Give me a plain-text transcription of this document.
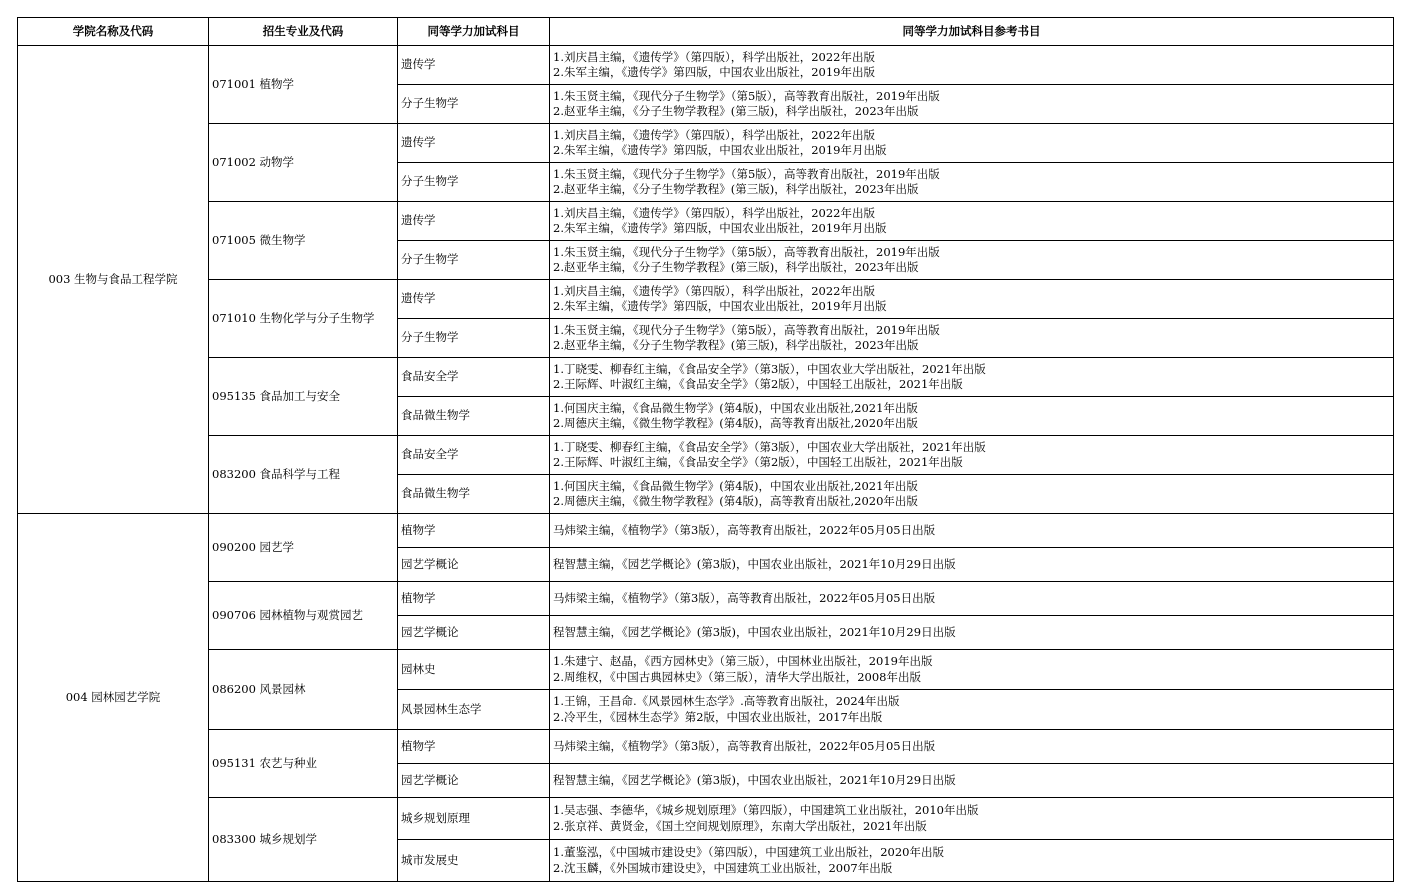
学院名称及代码	招生专业及代码	同等学力加试科目	同等学力加试科目参考书目
003 生物与食品工程学院	071001 植物学	遗传学	1.刘庆昌主编，《遗传学》（第四版），科学出版社，2022年出版
2.朱军主编，《遗传学》第四版，中国农业出版社，2019年出版

		分子生物学	1.朱玉贤主编，《现代分子生物学》（第5版），高等教育出版社，2019年出版
2.赵亚华主编，《分子生物学教程》(第三版)，科学出版社，2023年出版

	071002 动物学	遗传学	1.刘庆昌主编，《遗传学》（第四版），科学出版社，2022年出版
2.朱军主编，《遗传学》第四版，中国农业出版社，2019年月出版

		分子生物学	1.朱玉贤主编，《现代分子生物学》（第5版），高等教育出版社，2019年出版
2.赵亚华主编，《分子生物学教程》(第三版)，科学出版社，2023年出版

	071005 微生物学	遗传学	1.刘庆昌主编，《遗传学》（第四版），科学出版社，2022年出版
2.朱军主编，《遗传学》第四版，中国农业出版社，2019年月出版

		分子生物学	1.朱玉贤主编，《现代分子生物学》（第5版），高等教育出版社，2019年出版
2.赵亚华主编，《分子生物学教程》(第三版)，科学出版社，2023年出版

	071010 生物化学与分子生物学	遗传学	1.刘庆昌主编，《遗传学》（第四版），科学出版社，2022年出版
2.朱军主编，《遗传学》第四版，中国农业出版社，2019年月出版

		分子生物学	1.朱玉贤主编，《现代分子生物学》（第5版），高等教育出版社，2019年出版
2.赵亚华主编，《分子生物学教程》(第三版)，科学出版社，2023年出版

	095135 食品加工与安全	食品安全学	1.丁晓雯、柳春红主编，《食品安全学》（第3版），中国农业大学出版社，2021年出版
2.王际辉、叶淑红主编，《食品安全学》（第2版），中国轻工出版社，2021年出版

		食品微生物学	1.何国庆主编，《食品微生物学》(第4版)，中国农业出版社,2021年出版
2.周德庆主编，《微生物学教程》(第4版)，高等教育出版社,2020年出版

	083200 食品科学与工程	食品安全学	1.丁晓雯、柳春红主编，《食品安全学》（第3版），中国农业大学出版社，2021年出版
2.王际辉、叶淑红主编，《食品安全学》（第2版），中国轻工出版社，2021年出版

		食品微生物学	1.何国庆主编，《食品微生物学》(第4版)，中国农业出版社,2021年出版
2.周德庆主编，《微生物学教程》(第4版)，高等教育出版社,2020年出版

004 园林园艺学院	090200 园艺学	植物学	马炜梁主编，《植物学》（第3版），高等教育出版社，2022年05月05日出版

		园艺学概论	程智慧主编，《园艺学概论》(第3版)，中国农业出版社，2021年10月29日出版

	090706 园林植物与观赏园艺	植物学	马炜梁主编，《植物学》（第3版），高等教育出版社，2022年05月05日出版

		园艺学概论	程智慧主编，《园艺学概论》(第3版)，中国农业出版社，2021年10月29日出版

	086200 风景园林	园林史	1.朱建宁、赵晶，《西方园林史》（第三版），中国林业出版社，2019年出版
2.周维权，《中国古典园林史》（第三版），清华大学出版社，2008年出版

		风景园林生态学	1.王锦，王昌命.《风景园林生态学》.高等教育出版社，2024年出版
2.冷平生，《园林生态学》第2版，中国农业出版社，2017年出版

	095131 农艺与种业	植物学	马炜梁主编，《植物学》（第3版），高等教育出版社，2022年05月05日出版

		园艺学概论	程智慧主编，《园艺学概论》(第3版)，中国农业出版社，2021年10月29日出版

	083300 城乡规划学	城乡规划原理	1.吴志强、李德华，《城乡规划原理》（第四版），中国建筑工业出版社，2010年出版
2.张京祥、黄贤金，《国土空间规划原理》，东南大学出版社，2021年出版

		城市发展史	1.董鉴泓，《中国城市建设史》（第四版），中国建筑工业出版社，2020年出版
2.沈玉麟，《外国城市建设史》，中国建筑工业出版社，2007年出版
